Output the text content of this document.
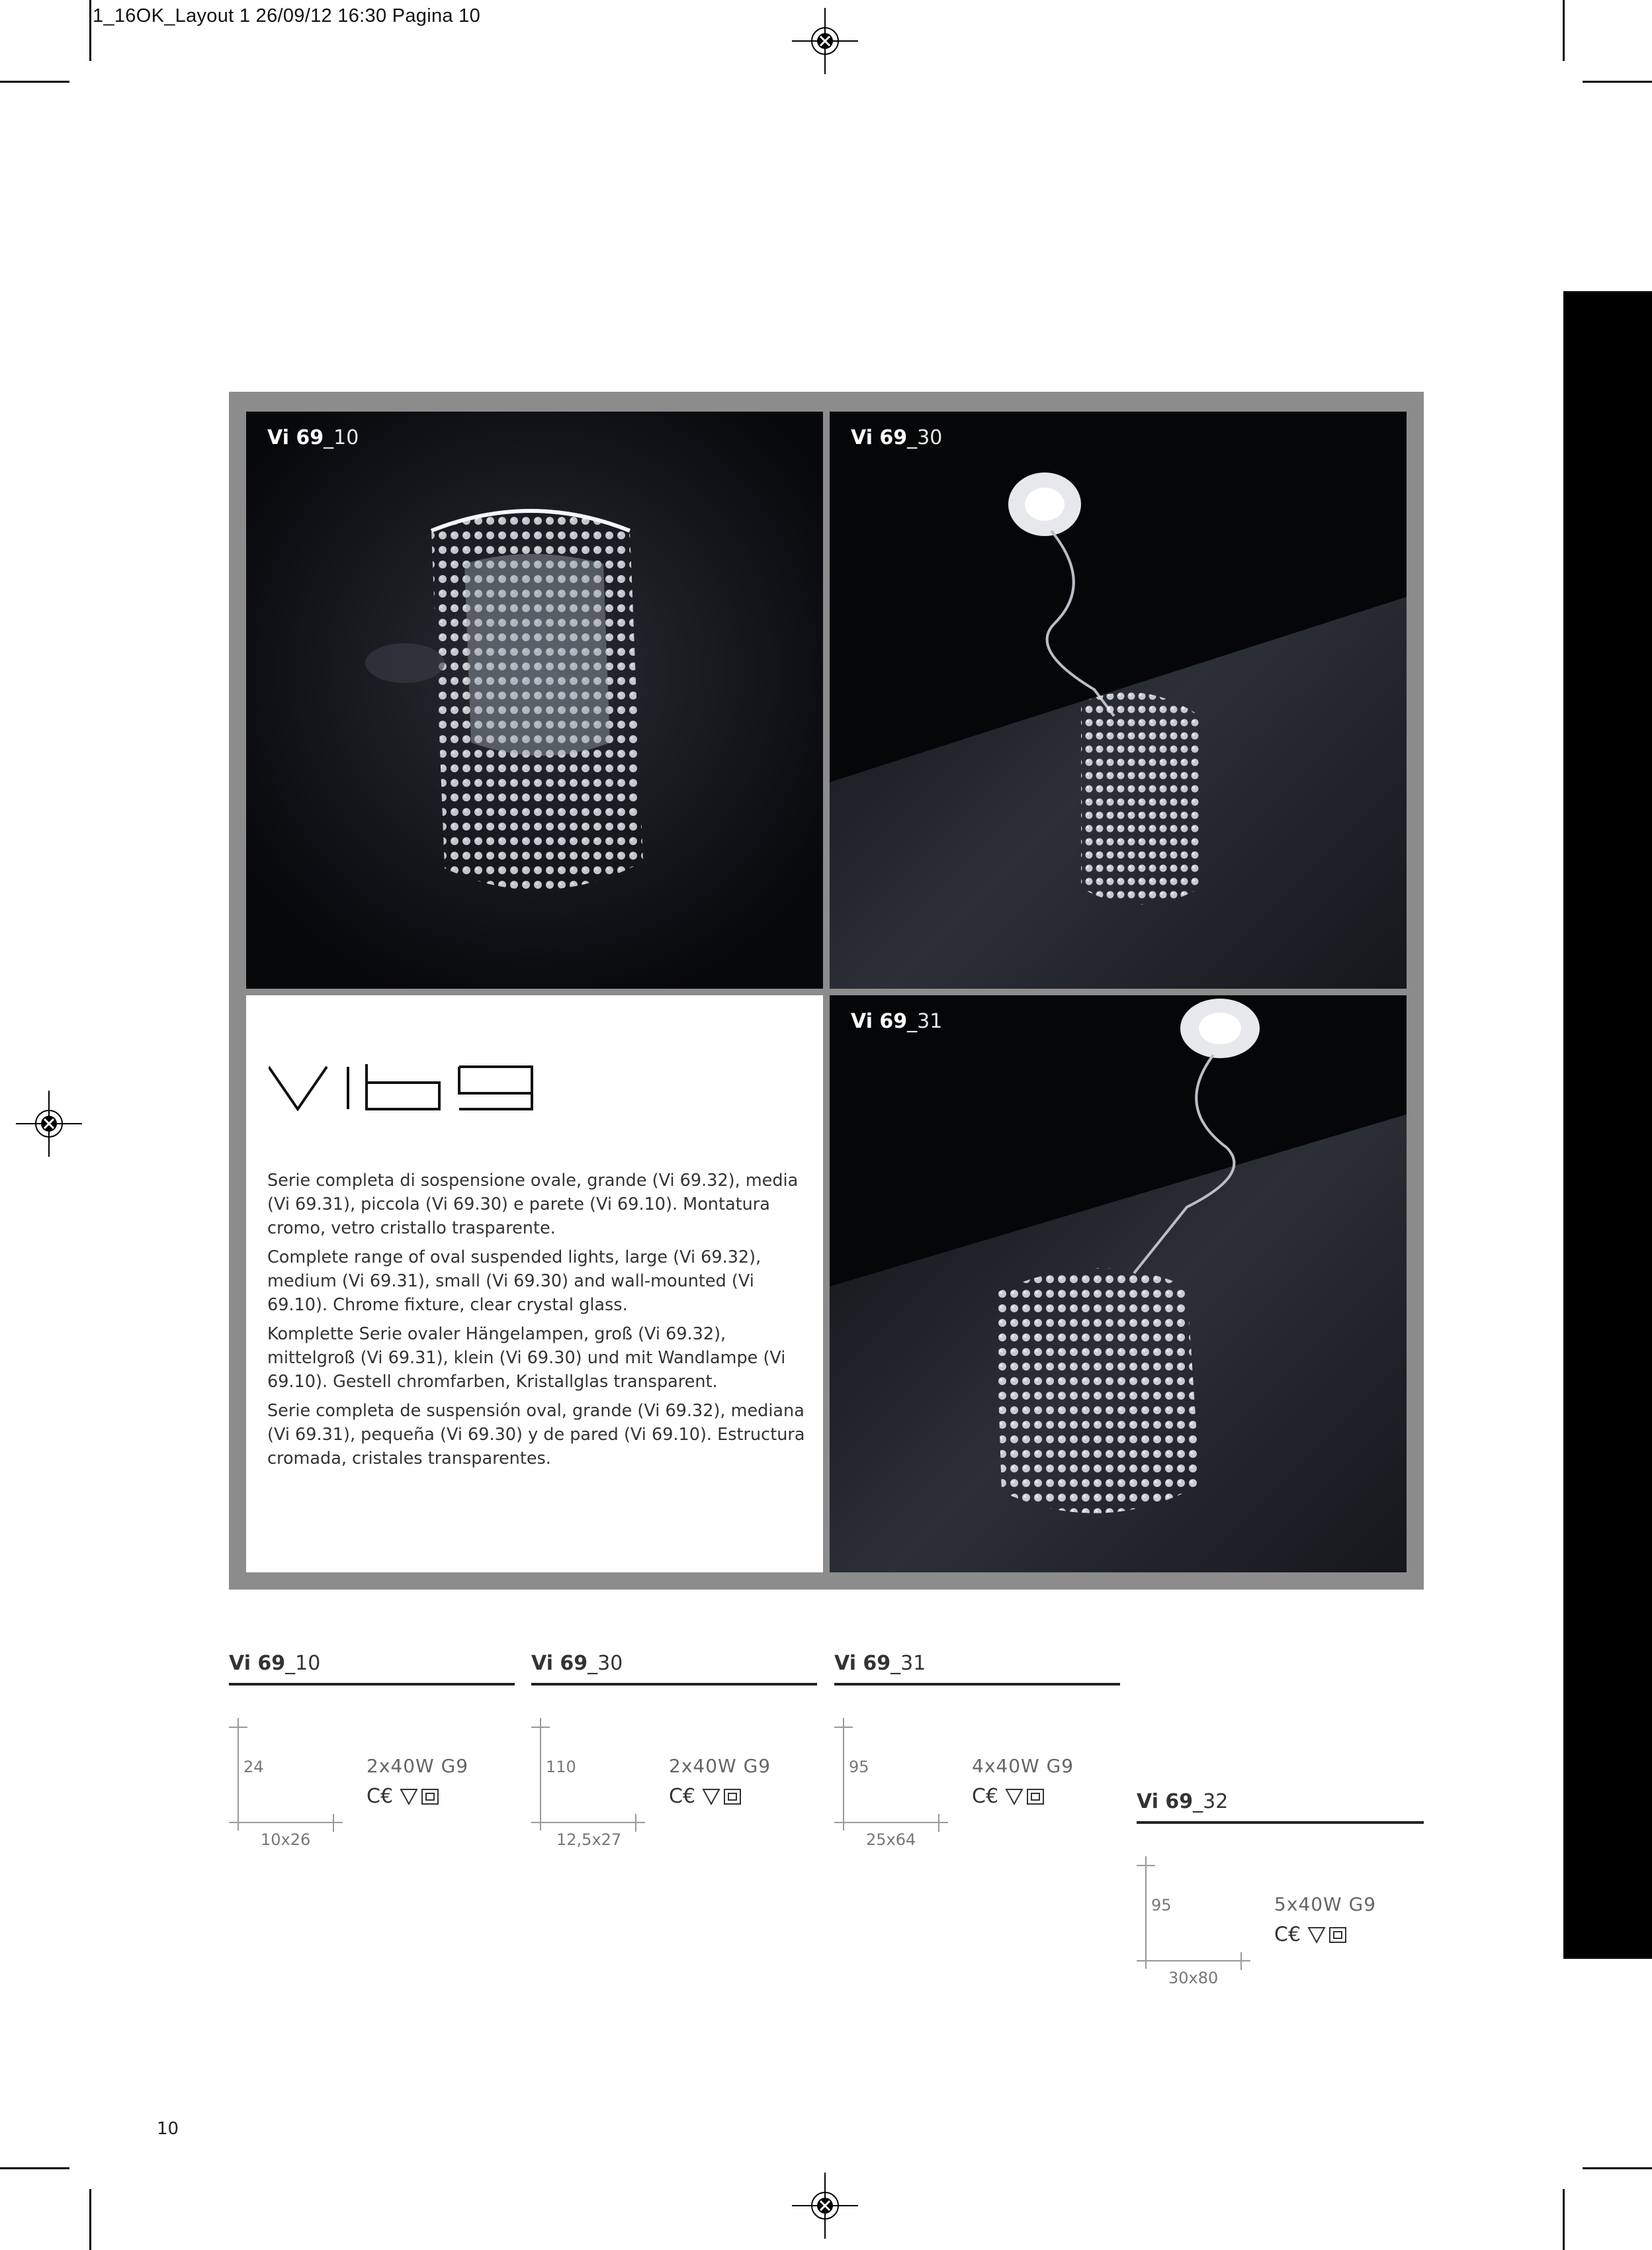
1_16OK_Layout 1 26/09/12 16:30 Pagina 10
Vi 69_10	Vi 69_30
Vi 69_31

Serie completa di sospensione ovale, grande (Vi 69.32), media (Vi 69.31), piccola (Vi 69.30) e parete (Vi 69.10). Montatura cromo, vetro cristallo trasparente.

Complete range of oval suspended lights, large (Vi 69.32), medium (Vi 69.31), small (Vi 69.30) and wall-mounted (Vi 69.10). Chrome fixture, clear crystal glass.

Komplette Serie ovaler Hängelampen, groß (Vi 69.32), mittelgroß (Vi 69.31), klein (Vi 69.30) und mit Wandlampe (Vi 69.10). Gestell chromfarben, Kristallglas transparent.

Serie completa de suspensión oval, grande (Vi 69.32), mediana (Vi 69.31), pequeña (Vi 69.30) y de pared (Vi 69.10). Estructura cromada, cristales transparentes.

Vi 69_10
24
10x26
2x40W G9
Vi 69_30
110
12,5x27
2x40W G9
Vi 69_31
95
25x64
4x40W G9
Vi 69_32
95
30x80
5x40W G9
10
